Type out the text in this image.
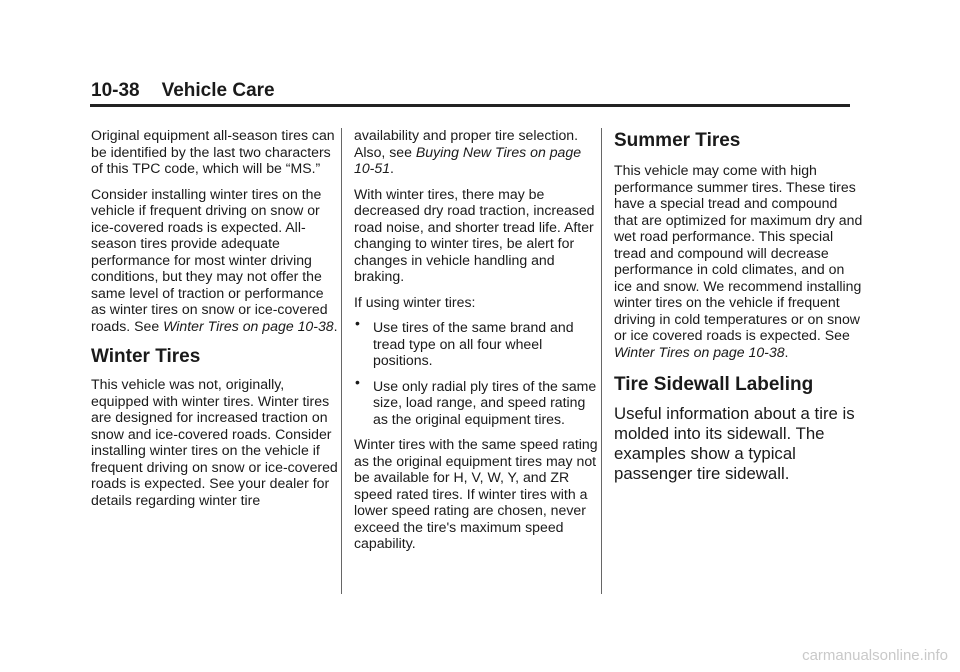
10-38 Vehicle Care

Original equipment all-season tires can be identified by the last two characters of this TPC code, which will be “MS.”

Consider installing winter tires on the vehicle if frequent driving on snow or ice-covered roads is expected. All-season tires provide adequate performance for most winter driving conditions, but they may not offer the same level of traction or performance as winter tires on snow or ice-covered roads. See Winter Tires on page 10-38.

Winter Tires

This vehicle was not, originally, equipped with winter tires. Winter tires are designed for increased traction on snow and ice-covered roads. Consider installing winter tires on the vehicle if frequent driving on snow or ice-covered roads is expected. See your dealer for details regarding winter tire

availability and proper tire selection. Also, see Buying New Tires on page 10-51.

With winter tires, there may be decreased dry road traction, increased road noise, and shorter tread life. After changing to winter tires, be alert for changes in vehicle handling and braking.

If using winter tires:

• Use tires of the same brand and tread type on all four wheel positions.
• Use only radial ply tires of the same size, load range, and speed rating as the original equipment tires.

Winter tires with the same speed rating as the original equipment tires may not be available for H, V, W, Y, and ZR speed rated tires. If winter tires with a lower speed rating are chosen, never exceed the tire's maximum speed capability.

Summer Tires

This vehicle may come with high performance summer tires. These tires have a special tread and compound that are optimized for maximum dry and wet road performance. This special tread and compound will decrease performance in cold climates, and on ice and snow. We recommend installing winter tires on the vehicle if frequent driving in cold temperatures or on snow or ice covered roads is expected. See Winter Tires on page 10-38.

Tire Sidewall Labeling

Useful information about a tire is molded into its sidewall. The examples show a typical passenger tire sidewall.

carmanualsonline.info
